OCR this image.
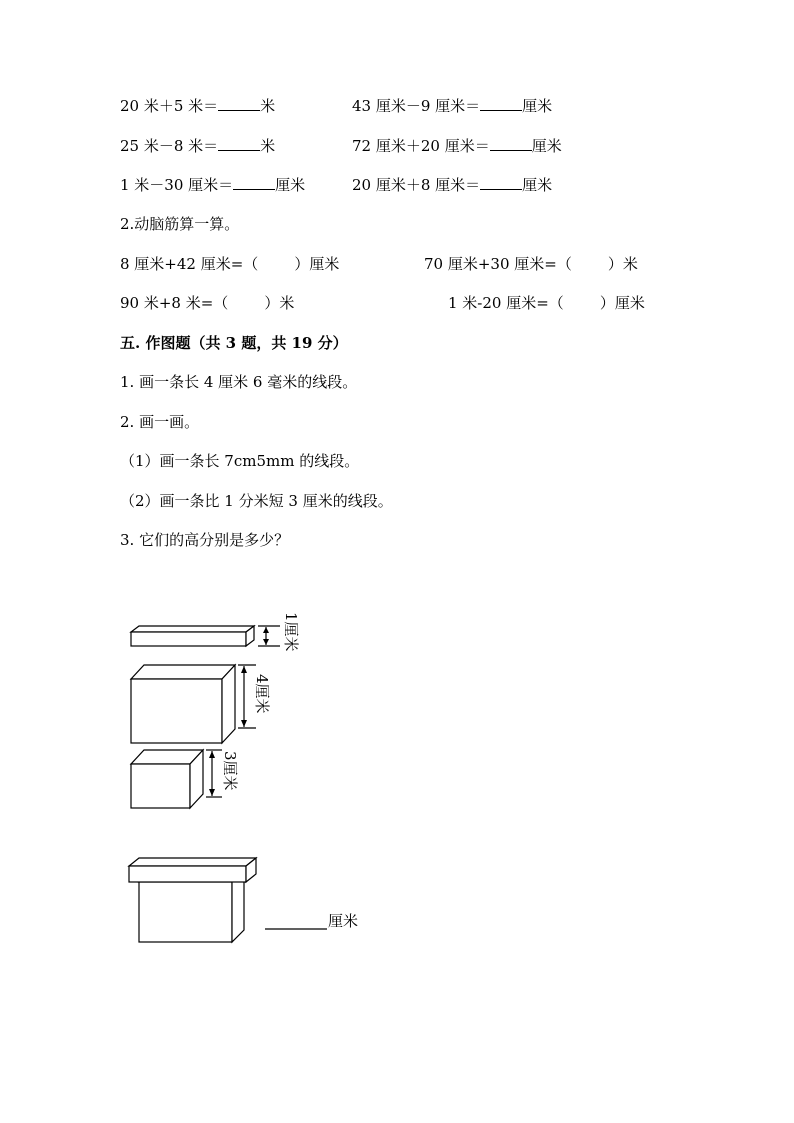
20 米＋5 米＝	米	43 厘米－9 厘米＝	厘米
25 米－8 米＝	米	72 厘米＋20 厘米＝	厘米
1 米－30 厘米＝	厘米	20 厘米＋8 厘米＝	厘米
2.动脑筋算一算。
8 厘米+42 厘米=（ ）厘米	70 厘米+30 厘米=（ ）米
90 米+8 米=（ ）米	1 米-20 厘米=（ ）厘米
五. 作图题（共 3 题，共 19 分）
1. 画一条长 4 厘米 6 毫米的线段。
2. 画一画。
（1）画一条长 7cm5mm 的线段。
（2）画一条比 1 分米短 3 厘米的线段。
3. 它们的高分别是多少？
1厘米
4厘米
3厘米
厘米
